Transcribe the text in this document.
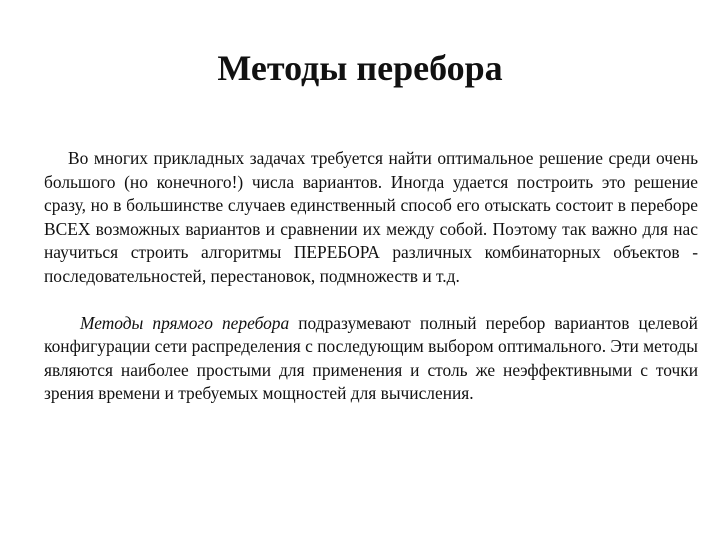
Методы перебора

Во многих прикладных задачах требуется найти оптимальное решение среди очень большого (но конечного!) числа вариантов. Иногда удается построить это решение сразу, но в большинстве случаев единственный способ его отыскать состоит в переборе ВСЕХ возможных вариантов и сравнении их между собой. Поэтому так важно для нас научиться строить алгоритмы ПЕРЕБОРА различных комбинаторных объектов - последовательностей, перестановок, подмножеств и т.д.

Методы прямого перебора подразумевают полный перебор вариантов целевой конфигурации сети распределения с последующим выбором оптимального. Эти методы являются наиболее простыми для применения и столь же неэффективными с точки зрения времени и требуемых мощностей для вычисления.
